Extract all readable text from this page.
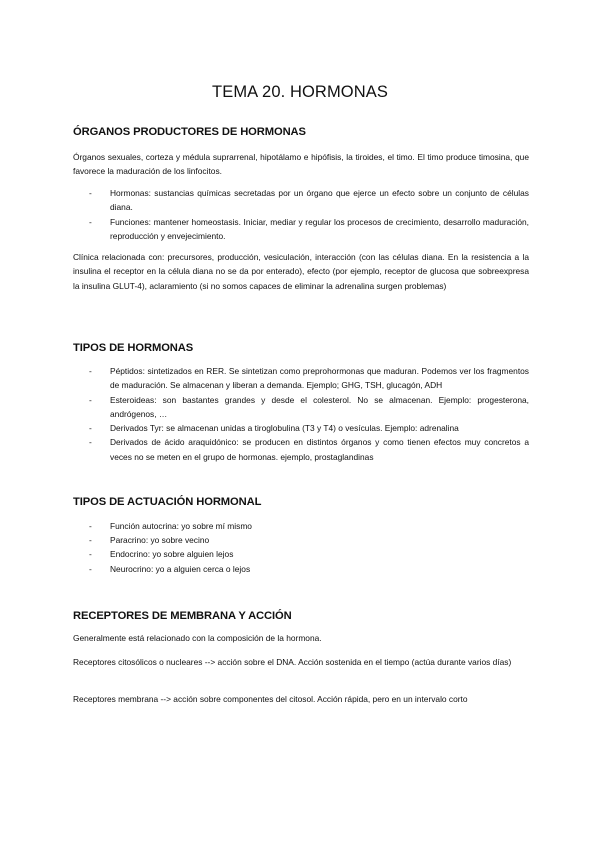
TEMA 20. HORMONAS
ÓRGANOS PRODUCTORES DE HORMONAS

Órganos sexuales, corteza y médula suprarrenal, hipotálamo e hipófisis, la tiroides, el timo. El timo produce timosina, que favorece la maduración de los linfocitos.

- Hormonas: sustancias químicas secretadas por un órgano que ejerce un efecto sobre un conjunto de células diana.
- Funciones: mantener homeostasis. Iniciar, mediar y regular los procesos de crecimiento, desarrollo maduración, reproducción y envejecimiento.

Clínica relacionada con: precursores, producción, vesiculación, interacción (con las células diana. En la resistencia a la insulina el receptor en la célula diana no se da por enterado), efecto (por ejemplo, receptor de glucosa que sobreexpresa la insulina GLUT-4), aclaramiento (si no somos capaces de eliminar la adrenalina surgen problemas)

TIPOS DE HORMONAS
- Péptidos: sintetizados en RER. Se sintetizan como preprohormonas que maduran. Podemos ver los fragmentos de maduración. Se almacenan y liberan a demanda. Ejemplo; GHG, TSH, glucagón, ADH
- Esteroideas: son bastantes grandes y desde el colesterol. No se almacenan. Ejemplo: progesterona, andrógenos, …
- Derivados Tyr: se almacenan unidas a tiroglobulina (T3 y T4) o vesículas. Ejemplo: adrenalina
- Derivados de ácido araquidónico: se producen en distintos órganos y como tienen efectos muy concretos a veces no se meten en el grupo de hormonas. ejemplo, prostaglandinas
TIPOS DE ACTUACIÓN HORMONAL
- Función autocrina: yo sobre mí mismo
- Paracrino: yo sobre vecino
- Endocrino: yo sobre alguien lejos
- Neurocrino: yo a alguien cerca o lejos
RECEPTORES DE MEMBRANA Y ACCIÓN

Generalmente está relacionado con la composición de la hormona.

Receptores citosólicos o nucleares --> acción sobre el DNA. Acción sostenida en el tiempo (actúa durante varios días)

Receptores membrana --> acción sobre componentes del citosol. Acción rápida, pero en un intervalo corto
